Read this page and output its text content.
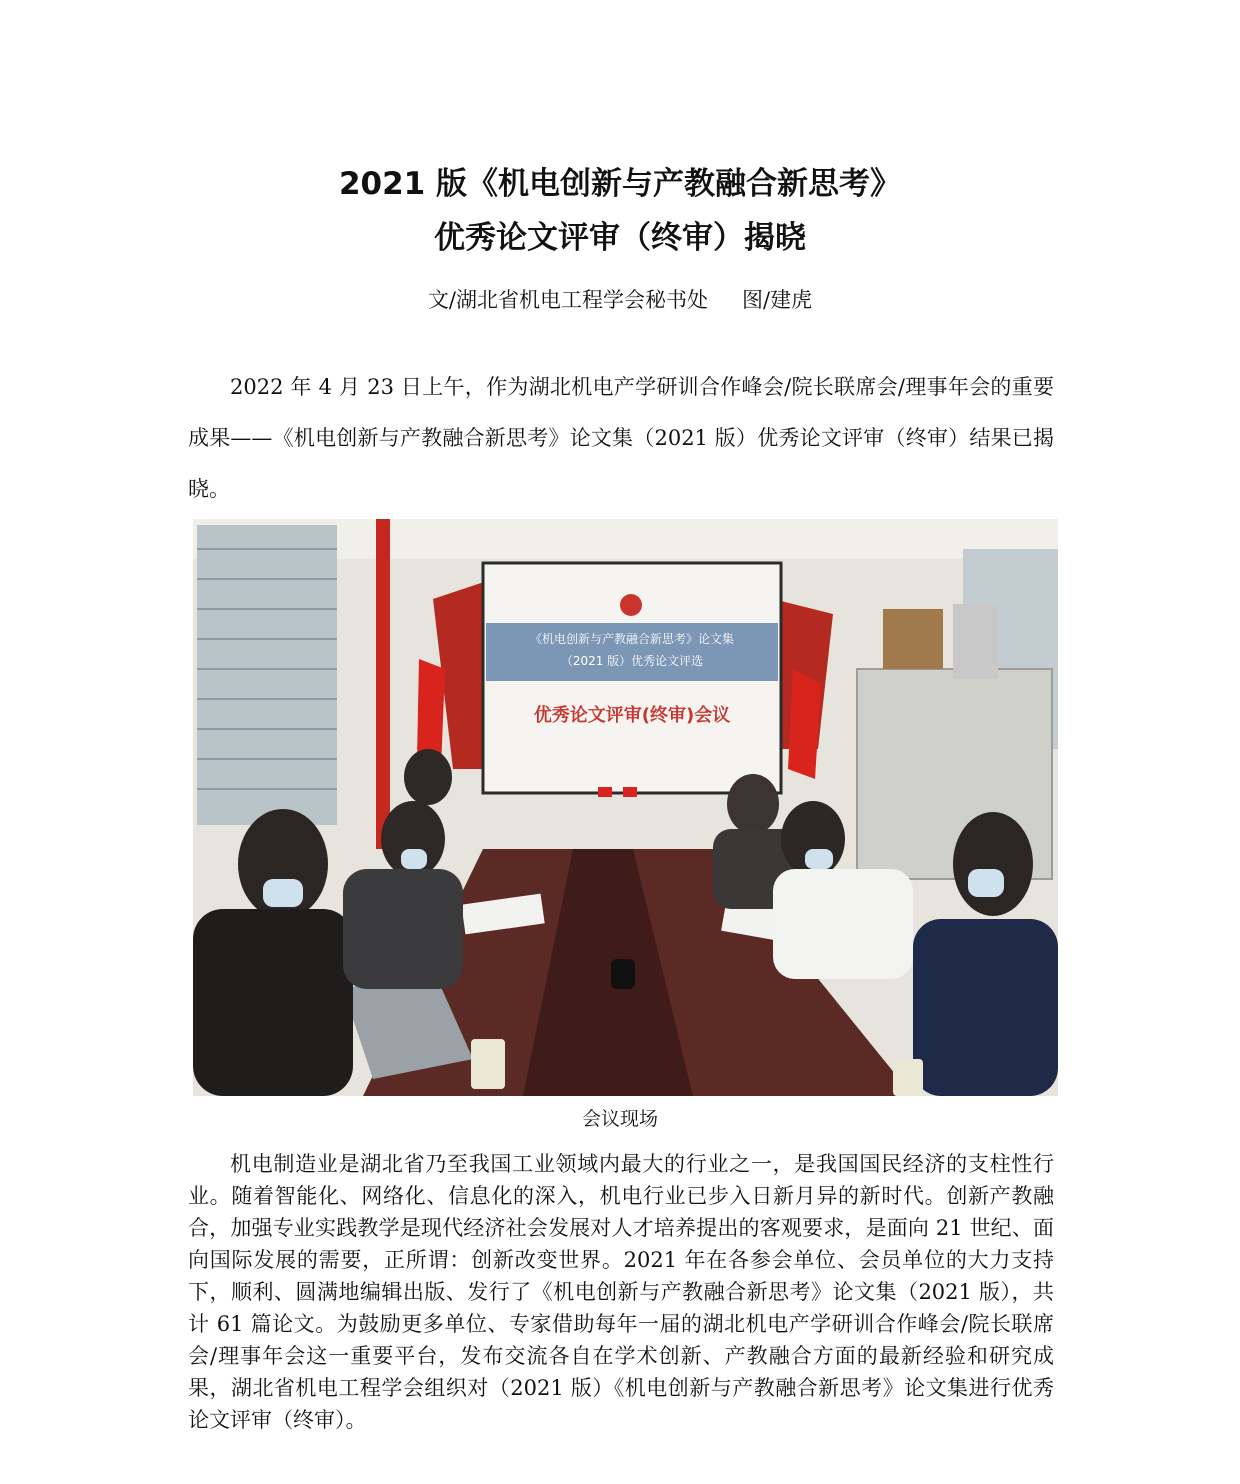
2021 版《机电创新与产教融合新思考》
优秀论文评审（终审）揭晓
文/湖北省机电工程学会秘书处 图/建虎

2022 年 4 月 23 日上午，作为湖北机电产学研训合作峰会/院长联席会/理事年会的重要成果——《机电创新与产教融合新思考》论文集（2021 版）优秀论文评审（终审）结果已揭晓。

《机电创新与产教融合新思考》论文集
（2021 版）优秀论文评选
优秀论文评审(终审)会议
会议现场

机电制造业是湖北省乃至我国工业领域内最大的行业之一，是我国国民经济的支柱性行业。随着智能化、网络化、信息化的深入，机电行业已步入日新月异的新时代。创新产教融合，加强专业实践教学是现代经济社会发展对人才培养提出的客观要求，是面向 21 世纪、面向国际发展的需要，正所谓：创新改变世界。2021 年在各参会单位、会员单位的大力支持下，顺利、圆满地编辑出版、发行了《机电创新与产教融合新思考》论文集（2021 版），共计 61 篇论文。为鼓励更多单位、专家借助每年一届的湖北机电产学研训合作峰会/院长联席会/理事年会这一重要平台，发布交流各自在学术创新、产教融合方面的最新经验和研究成果，湖北省机电工程学会组织对（2021 版）《机电创新与产教融合新思考》论文集进行优秀论文评审（终审）。
